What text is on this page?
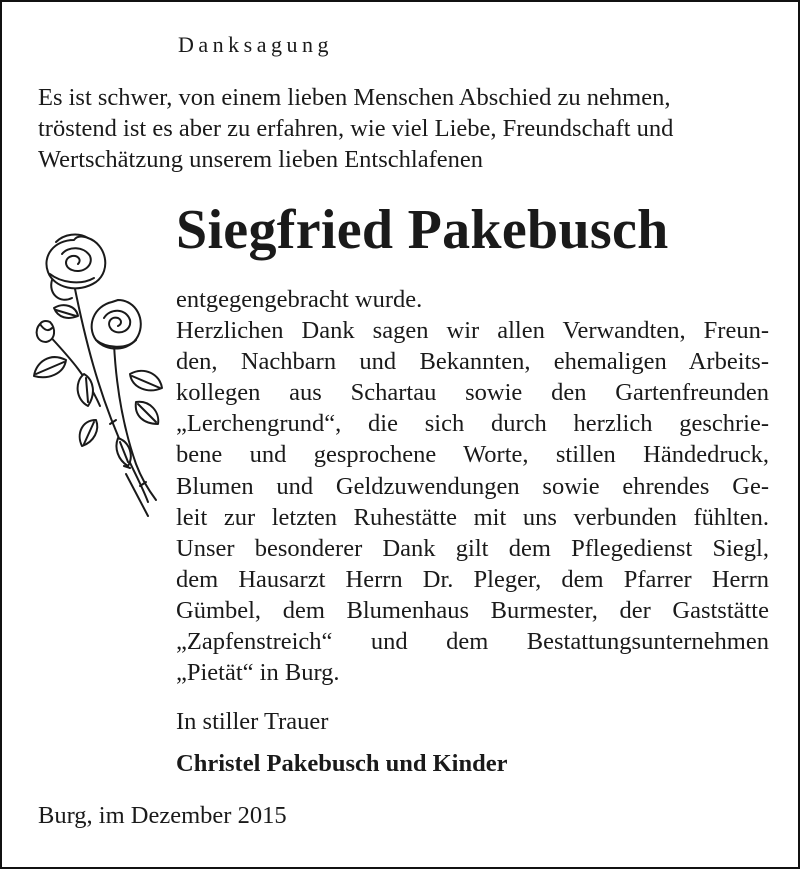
Danksagung
Es ist schwer, von einem lieben Menschen Abschied zu nehmen,
tröstend ist es aber zu erfahren, wie viel Liebe, Freundschaft und
Wertschätzung unserem lieben Entschlafenen
Siegfried Pakebusch
entgegengebracht wurde.
Herzlichen Dank sagen wir allen Verwandten, Freun-
den, Nachbarn und Bekannten, ehemaligen Arbeits-
kollegen aus Schartau sowie den Gartenfreunden
„Lerchengrund“, die sich durch herzlich geschrie-
bene und gesprochene Worte, stillen Händedruck,
Blumen und Geldzuwendungen sowie ehrendes Ge-
leit zur letzten Ruhestätte mit uns verbunden fühlten.
Unser besonderer Dank gilt dem Pflegedienst Siegl,
dem Hausarzt Herrn Dr. Pleger, dem Pfarrer Herrn
Gümbel, dem Blumenhaus Burmester, der Gaststätte
„Zapfenstreich“ und dem Bestattungsunternehmen
„Pietät“ in Burg.
In stiller Trauer
Christel Pakebusch und Kinder
Burg, im Dezember 2015
